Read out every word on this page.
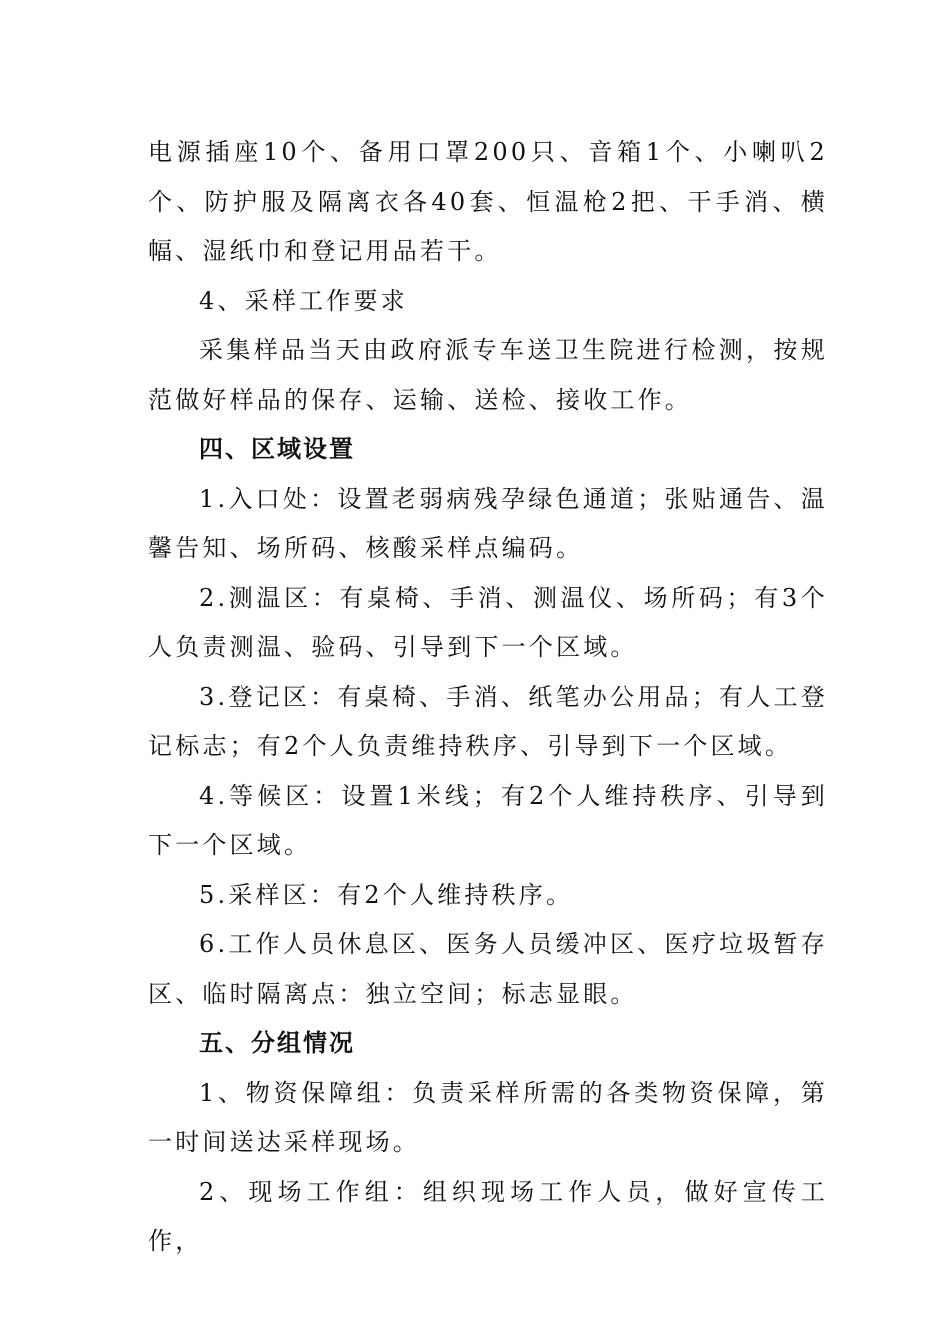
电源插座10个、备用口罩200只、音箱1个、小喇叭2个、防护服及隔离衣各40套、恒温枪2把、干手消、横幅、湿纸巾和登记用品若干。

4、采样工作要求

采集样品当天由政府派专车送卫生院进行检测，按规范做好样品的保存、运输、送检、接收工作。

四、区域设置

1.入口处：设置老弱病残孕绿色通道；张贴通告、温馨告知、场所码、核酸采样点编码。

2.测温区：有桌椅、手消、测温仪、场所码；有3个人负责测温、验码、引导到下一个区域。

3.登记区：有桌椅、手消、纸笔办公用品；有人工登记标志；有2个人负责维持秩序、引导到下一个区域。

4.等候区：设置1米线；有2个人维持秩序、引导到下一个区域。

5.采样区：有2个人维持秩序。

6.工作人员休息区、医务人员缓冲区、医疗垃圾暂存区、临时隔离点：独立空间；标志显眼。

五、分组情况

1、物资保障组：负责采样所需的各类物资保障，第一时间送达采样现场。

2、现场工作组：组织现场工作人员，做好宣传工作，
